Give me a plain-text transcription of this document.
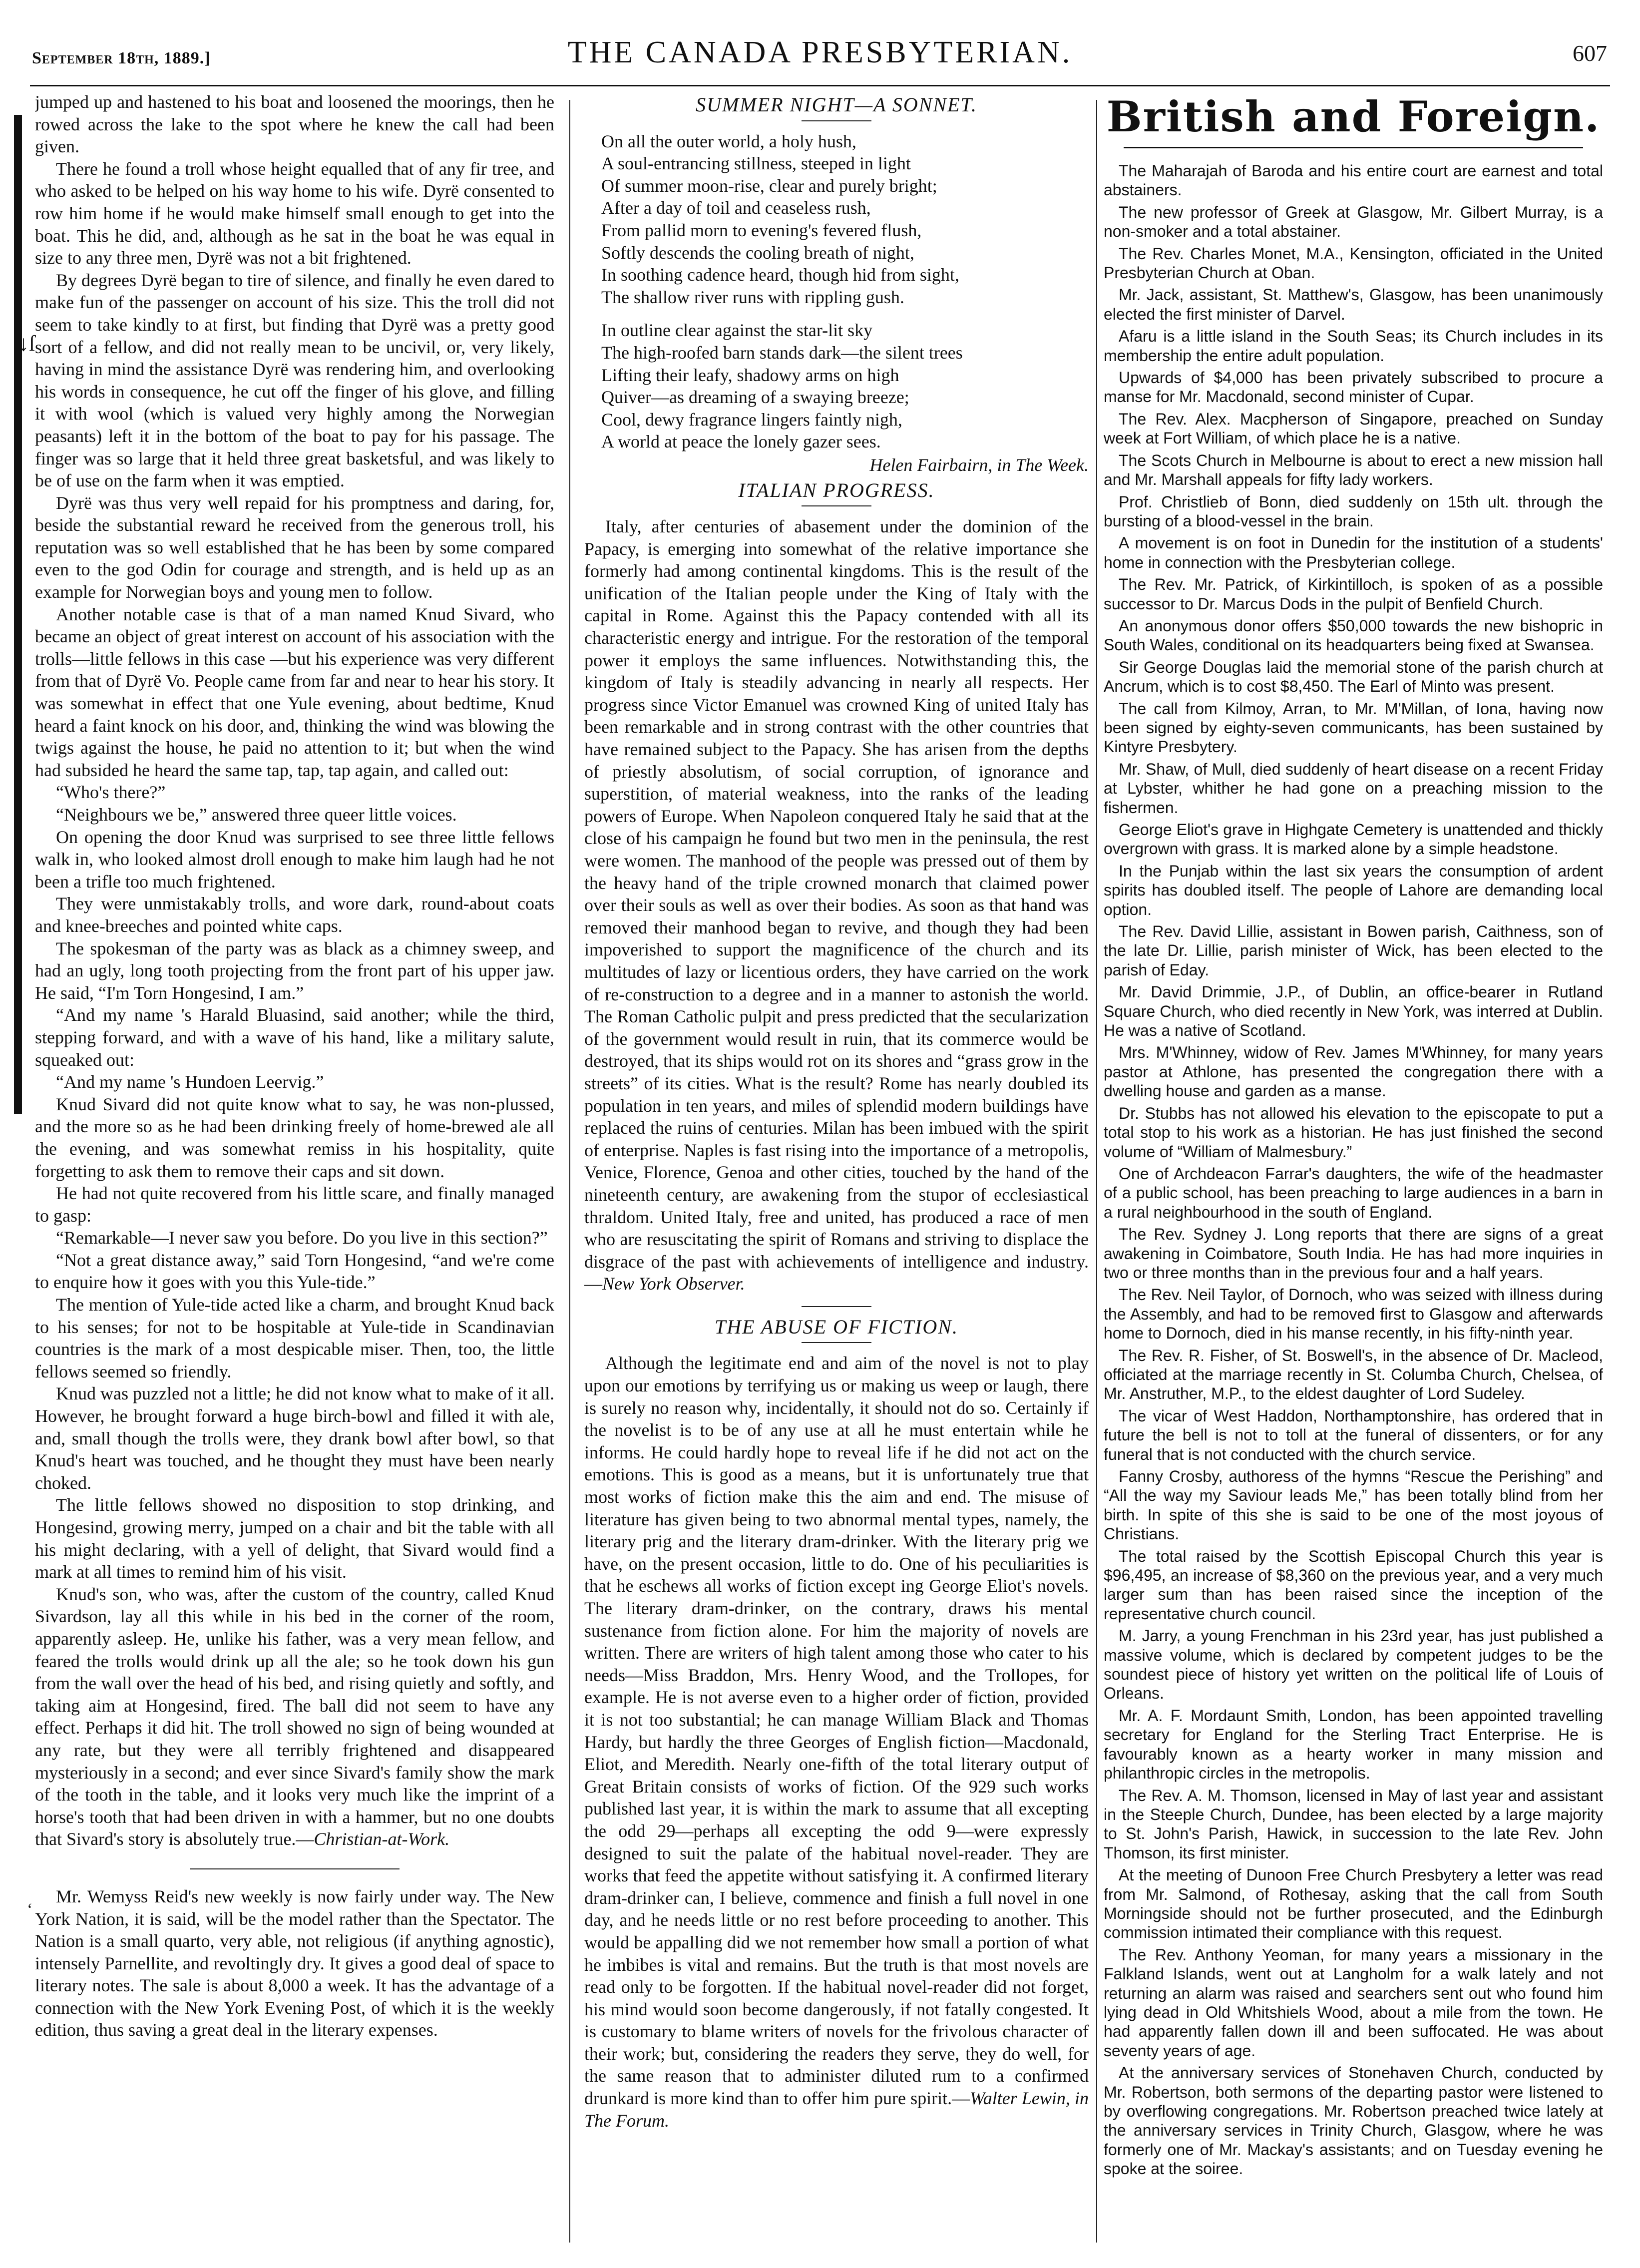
September 18th, 1889.]	THE CANADA PRESBYTERIAN.	607
↓ſ
‘

jumped up and hastened to his boat and loosened the moorings, then he rowed across the lake to the spot where he knew the call had been given.

There he found a troll whose height equalled that of any fir tree, and who asked to be helped on his way home to his wife. Dyrë consented to row him home if he would make himself small enough to get into the boat. This he did, and, although as he sat in the boat he was equal in size to any three men, Dyrë was not a bit frightened.

By degrees Dyrë began to tire of silence, and finally he even dared to make fun of the passenger on account of his size. This the troll did not seem to take kindly to at first, but finding that Dyrë was a pretty good sort of a fellow, and did not really mean to be uncivil, or, very likely, having in mind the assistance Dyrë was rendering him, and overlooking his words in consequence, he cut off the finger of his glove, and filling it with wool (which is valued very highly among the Norwegian peasants) left it in the bottom of the boat to pay for his passage. The finger was so large that it held three great basketsful, and was likely to be of use on the farm when it was emptied.

Dyrë was thus very well repaid for his promptness and daring, for, beside the substantial reward he received from the generous troll, his reputation was so well established that he has been by some compared even to the god Odin for courage and strength, and is held up as an example for Norwegian boys and young men to follow.

Another notable case is that of a man named Knud Sivard, who became an object of great interest on account of his association with the trolls—little fellows in this case —but his experience was very different from that of Dyrë Vo. People came from far and near to hear his story. It was somewhat in effect that one Yule evening, about bedtime, Knud heard a faint knock on his door, and, thinking the wind was blowing the twigs against the house, he paid no attention to it; but when the wind had subsided he heard the same tap, tap, tap again, and called out:

“Who's there?”

“Neighbours we be,” answered three queer little voices.

On opening the door Knud was surprised to see three little fellows walk in, who looked almost droll enough to make him laugh had he not been a trifle too much frightened.

They were unmistakably trolls, and wore dark, round-about coats and knee-breeches and pointed white caps.

The spokesman of the party was as black as a chimney sweep, and had an ugly, long tooth projecting from the front part of his upper jaw. He said, “I'm Torn Hongesind, I am.”

“And my name 's Harald Bluasind, said another; while the third, stepping forward, and with a wave of his hand, like a military salute, squeaked out:

“And my name 's Hundoen Leervig.”

Knud Sivard did not quite know what to say, he was non-plussed, and the more so as he had been drinking freely of home-brewed ale all the evening, and was somewhat remiss in his hospitality, quite forgetting to ask them to remove their caps and sit down.

He had not quite recovered from his little scare, and finally managed to gasp:

“Remarkable—I never saw you before. Do you live in this section?”

“Not a great distance away,” said Torn Hongesind, “and we're come to enquire how it goes with you this Yule-tide.”

The mention of Yule-tide acted like a charm, and brought Knud back to his senses; for not to be hospitable at Yule-tide in Scandinavian countries is the mark of a most despicable miser. Then, too, the little fellows seemed so friendly.

Knud was puzzled not a little; he did not know what to make of it all. However, he brought forward a huge birch-bowl and filled it with ale, and, small though the trolls were, they drank bowl after bowl, so that Knud's heart was touched, and he thought they must have been nearly choked.

The little fellows showed no disposition to stop drinking, and Hongesind, growing merry, jumped on a chair and bit the table with all his might declaring, with a yell of delight, that Sivard would find a mark at all times to remind him of his visit.

Knud's son, who was, after the custom of the country, called Knud Sivardson, lay all this while in his bed in the corner of the room, apparently asleep. He, unlike his father, was a very mean fellow, and feared the trolls would drink up all the ale; so he took down his gun from the wall over the head of his bed, and rising quietly and softly, and taking aim at Hongesind, fired. The ball did not seem to have any effect. Perhaps it did hit. The troll showed no sign of being wounded at any rate, but they were all terribly frightened and disappeared mysteriously in a second; and ever since Sivard's family show the mark of the tooth in the table, and it looks very much like the imprint of a horse's tooth that had been driven in with a hammer, but no one doubts that Sivard's story is absolutely true.—Christian-at-Work.

Mr. Wemyss Reid's new weekly is now fairly under way. The New York Nation, it is said, will be the model rather than the Spectator. The Nation is a small quarto, very able, not religious (if anything agnostic), intensely Parnellite, and revoltingly dry. It gives a good deal of space to literary notes. The sale is about 8,000 a week. It has the advantage of a connection with the New York Evening Post, of which it is the weekly edition, thus saving a great deal in the literary expenses.

SUMMER NIGHT—A SONNET.
On all the outer world, a holy hush,
A soul-entrancing stillness, steeped in light
Of summer moon-rise, clear and purely bright;
After a day of toil and ceaseless rush,
From pallid morn to evening's fevered flush,
Softly descends the cooling breath of night,
In soothing cadence heard, though hid from sight,
The shallow river runs with rippling gush.
In outline clear against the star-lit sky
The high-roofed barn stands dark—the silent trees
Lifting their leafy, shadowy arms on high
Quiver—as dreaming of a swaying breeze;
Cool, dewy fragrance lingers faintly nigh,
A world at peace the lonely gazer sees.
Helen Fairbairn, in The Week.
ITALIAN PROGRESS.

Italy, after centuries of abasement under the dominion of the Papacy, is emerging into somewhat of the relative importance she formerly had among continental kingdoms. This is the result of the unification of the Italian people under the King of Italy with the capital in Rome. Against this the Papacy contended with all its characteristic energy and intrigue. For the restoration of the temporal power it employs the same influences. Notwithstanding this, the kingdom of Italy is steadily advancing in nearly all respects. Her progress since Victor Emanuel was crowned King of united Italy has been remarkable and in strong contrast with the other countries that have remained subject to the Papacy. She has arisen from the depths of priestly absolutism, of social corruption, of ignorance and superstition, of material weakness, into the ranks of the leading powers of Europe. When Napoleon conquered Italy he said that at the close of his campaign he found but two men in the peninsula, the rest were women. The manhood of the people was pressed out of them by the heavy hand of the triple crowned monarch that claimed power over their souls as well as over their bodies. As soon as that hand was removed their manhood began to revive, and though they had been impoverished to support the magnificence of the church and its multitudes of lazy or licentious orders, they have carried on the work of re-construction to a degree and in a manner to astonish the world. The Roman Catholic pulpit and press predicted that the secularization of the government would result in ruin, that its commerce would be destroyed, that its ships would rot on its shores and “grass grow in the streets” of its cities. What is the result? Rome has nearly doubled its population in ten years, and miles of splendid modern buildings have replaced the ruins of centuries. Milan has been imbued with the spirit of enterprise. Naples is fast rising into the importance of a metropolis, Venice, Florence, Genoa and other cities, touched by the hand of the nineteenth century, are awakening from the stupor of ecclesiastical thraldom. United Italy, free and united, has produced a race of men who are resuscitating the spirit of Romans and striving to displace the disgrace of the past with achievements of intelligence and industry. —New York Observer.

THE ABUSE OF FICTION.

Although the legitimate end and aim of the novel is not to play upon our emotions by terrifying us or making us weep or laugh, there is surely no reason why, incidentally, it should not do so. Certainly if the novelist is to be of any use at all he must entertain while he informs. He could hardly hope to reveal life if he did not act on the emotions. This is good as a means, but it is unfortunately true that most works of fiction make this the aim and end. The misuse of literature has given being to two abnormal mental types, namely, the literary prig and the literary dram-drinker. With the literary prig we have, on the present occasion, little to do. One of his peculiarities is that he eschews all works of fiction except ing George Eliot's novels. The literary dram-drinker, on the contrary, draws his mental sustenance from fiction alone. For him the majority of novels are written. There are writers of high talent among those who cater to his needs—Miss Braddon, Mrs. Henry Wood, and the Trollopes, for example. He is not averse even to a higher order of fiction, provided it is not too substantial; he can manage William Black and Thomas Hardy, but hardly the three Georges of English fiction—Macdonald, Eliot, and Meredith. Nearly one-fifth of the total literary output of Great Britain consists of works of fiction. Of the 929 such works published last year, it is within the mark to assume that all excepting the odd 29—perhaps all excepting the odd 9—were expressly designed to suit the palate of the habitual novel-reader. They are works that feed the appetite without satisfying it. A confirmed literary dram-drinker can, I believe, commence and finish a full novel in one day, and he needs little or no rest before proceeding to another. This would be appalling did we not remember how small a portion of what he imbibes is vital and remains. But the truth is that most novels are read only to be forgotten. If the habitual novel-reader did not forget, his mind would soon become dangerously, if not fatally congested. It is customary to blame writers of novels for the frivolous character of their work; but, considering the readers they serve, they do well, for the same reason that to administer diluted rum to a confirmed drunkard is more kind than to offer him pure spirit.—Walter Lewin, in The Forum.

British and Foreign.

The Maharajah of Baroda and his entire court are earnest and total abstainers.

The new professor of Greek at Glasgow, Mr. Gilbert Murray, is a non-smoker and a total abstainer.

The Rev. Charles Monet, M.A., Kensington, officiated in the United Presbyterian Church at Oban.

Mr. Jack, assistant, St. Matthew's, Glasgow, has been unanimously elected the first minister of Darvel.

Afaru is a little island in the South Seas; its Church includes in its membership the entire adult population.

Upwards of $4,000 has been privately subscribed to procure a manse for Mr. Macdonald, second minister of Cupar.

The Rev. Alex. Macpherson of Singapore, preached on Sunday week at Fort William, of which place he is a native.

The Scots Church in Melbourne is about to erect a new mission hall and Mr. Marshall appeals for fifty lady workers.

Prof. Christlieb of Bonn, died suddenly on 15th ult. through the bursting of a blood-vessel in the brain.

A movement is on foot in Dunedin for the institution of a students' home in connection with the Presbyterian college.

The Rev. Mr. Patrick, of Kirkintilloch, is spoken of as a possible successor to Dr. Marcus Dods in the pulpit of Benfield Church.

An anonymous donor offers $50,000 towards the new bishopric in South Wales, conditional on its headquarters being fixed at Swansea.

Sir George Douglas laid the memorial stone of the parish church at Ancrum, which is to cost $8,450. The Earl of Minto was present.

The call from Kilmoy, Arran, to Mr. M'Millan, of Iona, having now been signed by eighty-seven communicants, has been sustained by Kintyre Presbytery.

Mr. Shaw, of Mull, died suddenly of heart disease on a recent Friday at Lybster, whither he had gone on a preaching mission to the fishermen.

George Eliot's grave in Highgate Cemetery is unattended and thickly overgrown with grass. It is marked alone by a simple headstone.

In the Punjab within the last six years the consumption of ardent spirits has doubled itself. The people of Lahore are demanding local option.

The Rev. David Lillie, assistant in Bowen parish, Caithness, son of the late Dr. Lillie, parish minister of Wick, has been elected to the parish of Eday.

Mr. David Drimmie, J.P., of Dublin, an office-bearer in Rutland Square Church, who died recently in New York, was interred at Dublin. He was a native of Scotland.

Mrs. M'Whinney, widow of Rev. James M'Whinney, for many years pastor at Athlone, has presented the congregation there with a dwelling house and garden as a manse.

Dr. Stubbs has not allowed his elevation to the episcopate to put a total stop to his work as a historian. He has just finished the second volume of “William of Malmesbury.”

One of Archdeacon Farrar's daughters, the wife of the headmaster of a public school, has been preaching to large audiences in a barn in a rural neighbourhood in the south of England.

The Rev. Sydney J. Long reports that there are signs of a great awakening in Coimbatore, South India. He has had more inquiries in two or three months than in the previous four and a half years.

The Rev. Neil Taylor, of Dornoch, who was seized with illness during the Assembly, and had to be removed first to Glasgow and afterwards home to Dornoch, died in his manse recently, in his fifty-ninth year.

The Rev. R. Fisher, of St. Boswell's, in the absence of Dr. Macleod, officiated at the marriage recently in St. Columba Church, Chelsea, of Mr. Anstruther, M.P., to the eldest daughter of Lord Sudeley.

The vicar of West Haddon, Northamptonshire, has ordered that in future the bell is not to toll at the funeral of dissenters, or for any funeral that is not conducted with the church service.

Fanny Crosby, authoress of the hymns “Rescue the Perishing” and “All the way my Saviour leads Me,” has been totally blind from her birth. In spite of this she is said to be one of the most joyous of Christians.

The total raised by the Scottish Episcopal Church this year is $96,495, an increase of $8,360 on the previous year, and a very much larger sum than has been raised since the inception of the representative church council.

M. Jarry, a young Frenchman in his 23rd year, has just published a massive volume, which is declared by competent judges to be the soundest piece of history yet written on the political life of Louis of Orleans.

Mr. A. F. Mordaunt Smith, London, has been appointed travelling secretary for England for the Sterling Tract Enterprise. He is favourably known as a hearty worker in many mission and philanthropic circles in the metropolis.

The Rev. A. M. Thomson, licensed in May of last year and assistant in the Steeple Church, Dundee, has been elected by a large majority to St. John's Parish, Hawick, in succession to the late Rev. John Thomson, its first minister.

At the meeting of Dunoon Free Church Presbytery a letter was read from Mr. Salmond, of Rothesay, asking that the call from South Morningside should not be further prosecuted, and the Edinburgh commission intimated their compliance with this request.

The Rev. Anthony Yeoman, for many years a missionary in the Falkland Islands, went out at Langholm for a walk lately and not returning an alarm was raised and searchers sent out who found him lying dead in Old Whitshiels Wood, about a mile from the town. He had apparently fallen down ill and been suffocated. He was about seventy years of age.

At the anniversary services of Stonehaven Church, conducted by Mr. Robertson, both sermons of the departing pastor were listened to by overflowing congregations. Mr. Robertson preached twice lately at the anniversary services in Trinity Church, Glasgow, where he was formerly one of Mr. Mackay's assistants; and on Tuesday evening he spoke at the soiree.
